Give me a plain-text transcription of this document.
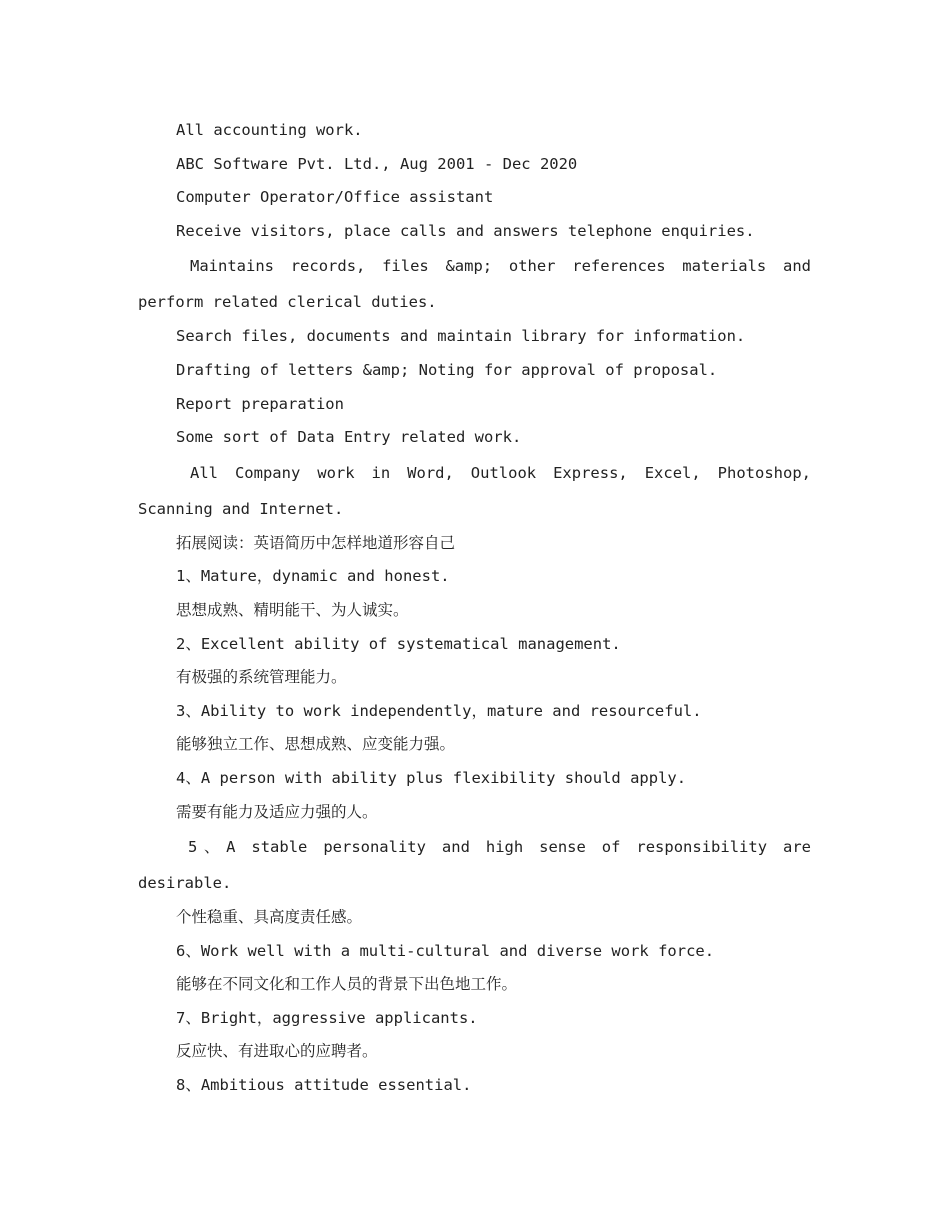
All accounting work.

ABC Software Pvt. Ltd., Aug 2001 - Dec 2020

Computer Operator/Office assistant

Receive visitors, place calls and answers telephone enquiries.

Maintains records, files &amp; other references materials and perform related clerical duties.

Search files, documents and maintain library for information.

Drafting of letters &amp; Noting for approval of proposal.

Report preparation

Some sort of Data Entry related work.

All Company work in Word, Outlook Express, Excel, Photoshop, Scanning and Internet.

拓展阅读：英语简历中怎样地道形容自己

1、Mature，dynamic and honest.

思想成熟、精明能干、为人诚实。

2、Excellent ability of systematical management.

有极强的系统管理能力。

3、Ability to work independently，mature and resourceful.

能够独立工作、思想成熟、应变能力强。

4、A person with ability plus flexibility should apply.

需要有能力及适应力强的人。

5、A stable personality and high sense of responsibility are desirable.

个性稳重、具高度责任感。

6、Work well with a multi-cultural and diverse work force.

能够在不同文化和工作人员的背景下出色地工作。

7、Bright，aggressive applicants.

反应快、有进取心的应聘者。

8、Ambitious attitude essential.
